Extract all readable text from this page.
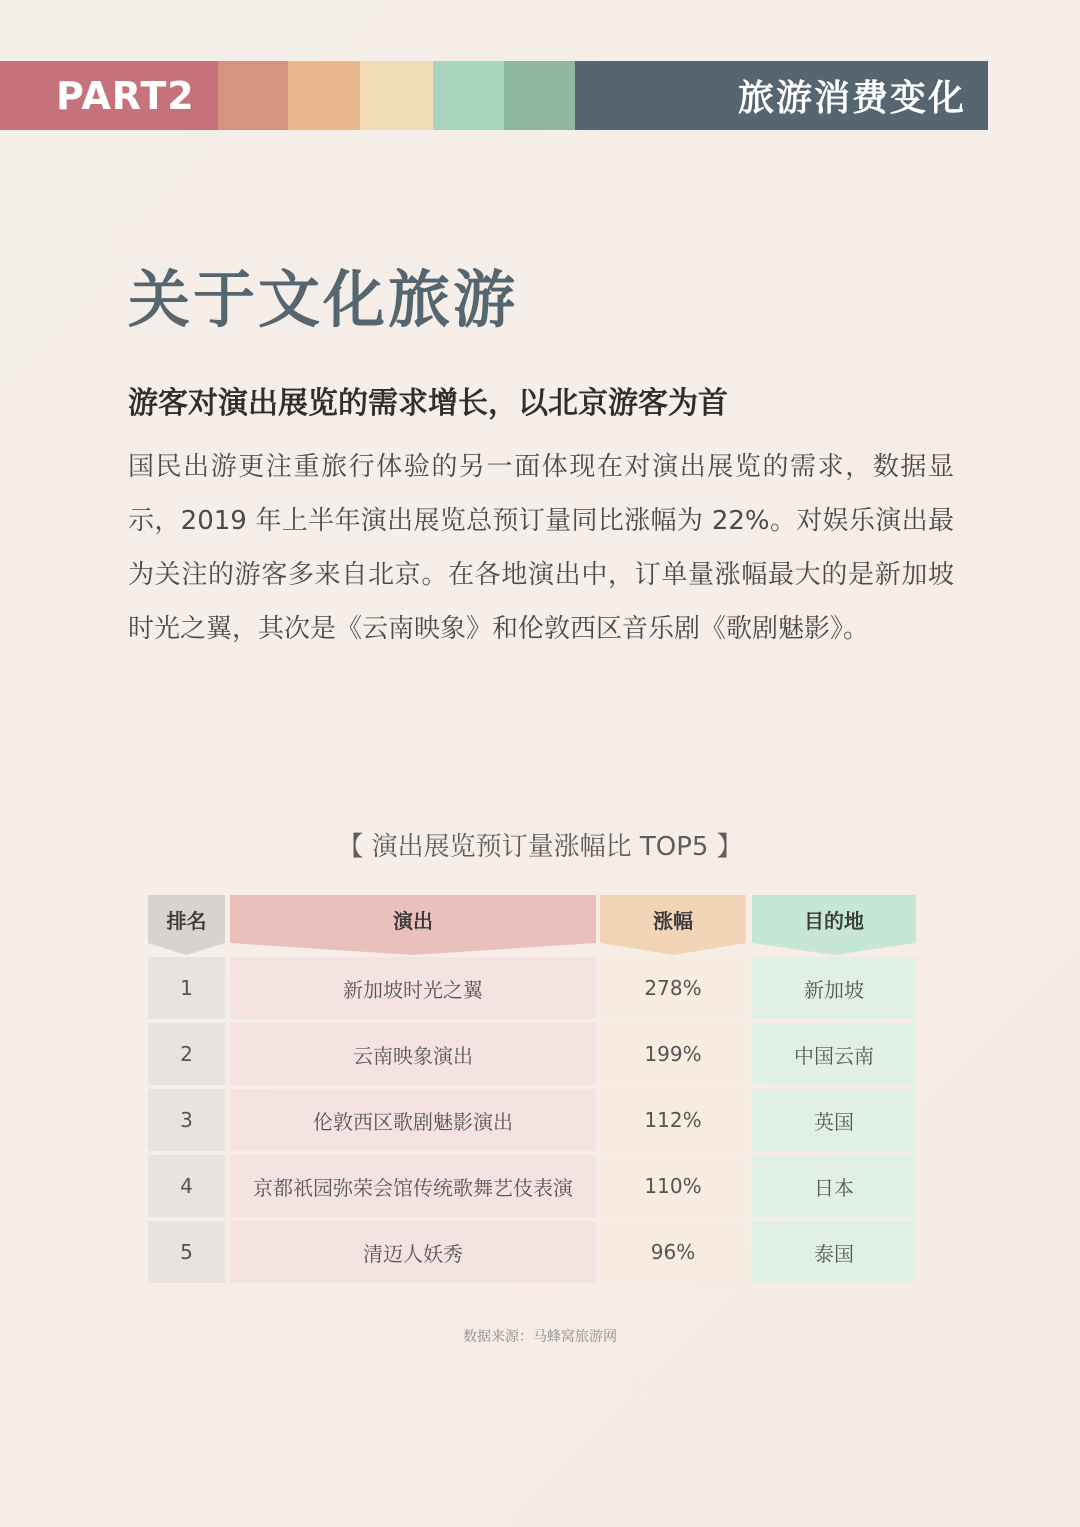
PART2	旅游消费变化
关于文化旅游
游客对演出展览的需求增长，以北京游客为首

国民出游更注重旅行体验的另一面体现在对演出展览的需求，数据显示，2019 年上半年演出展览总预订量同比涨幅为 22%。对娱乐演出最为关注的游客多来自北京。在各地演出中，订单量涨幅最大的是新加坡时光之翼，其次是《云南映象》和伦敦西区音乐剧《歌剧魅影》。

【 演出展览预订量涨幅比 TOP5 】

排名
1
2
3
4
5
演出
新加坡时光之翼
云南映象演出
伦敦西区歌剧魅影演出
京都祇园弥荣会馆传统歌舞艺伎表演
清迈人妖秀
涨幅
278%
199%
112%
110%
96%
目的地
新加坡
中国云南
英国
日本
泰国

数据来源：马蜂窝旅游网
